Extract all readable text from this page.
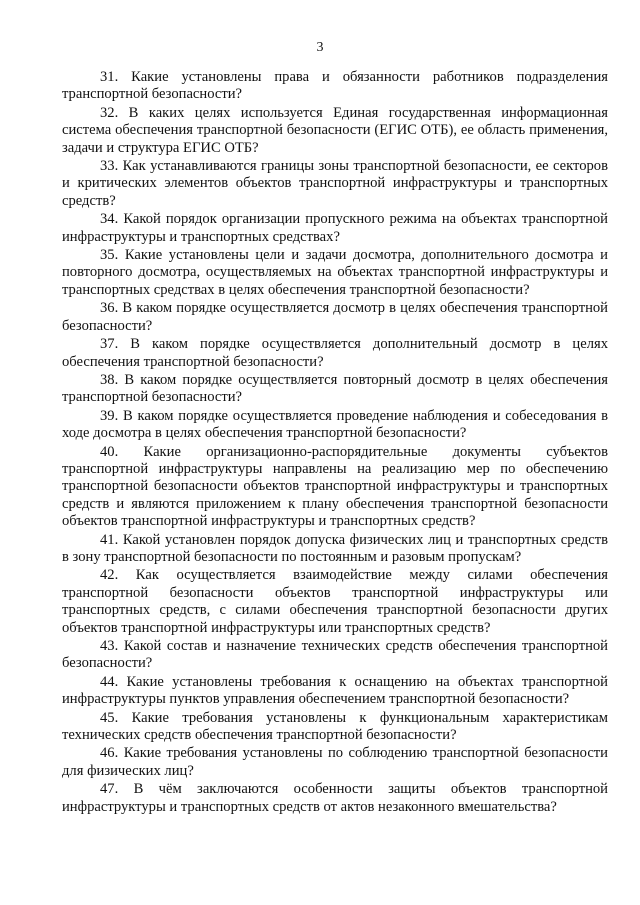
3

31. Какие установлены права и обязанности работников подразделения транспортной безопасности?

32. В каких целях используется Единая государственная информационная система обеспечения транспортной безопасности (ЕГИС ОТБ), ее область применения, задачи и структура ЕГИС ОТБ?

33. Как устанавливаются границы зоны транспортной безопасности, ее секторов и критических элементов объектов транспортной инфраструктуры и транспортных средств?

34. Какой порядок организации пропускного режима на объектах транспортной инфраструктуры и транспортных средствах?

35. Какие установлены цели и задачи досмотра, дополнительного досмотра и повторного досмотра, осуществляемых на объектах транспортной инфраструктуры и транспортных средствах в целях обеспечения транспортной безопасности?

36. В каком порядке осуществляется досмотр в целях обеспечения транспортной безопасности?

37. В каком порядке осуществляется дополнительный досмотр в целях обеспечения транспортной безопасности?

38. В каком порядке осуществляется повторный досмотр в целях обеспечения транспортной безопасности?

39. В каком порядке осуществляется проведение наблюдения и собеседования в ходе досмотра в целях обеспечения транспортной безопасности?

40. Какие организационно-распорядительные документы субъектов транспортной инфраструктуры направлены на реализацию мер по обеспечению транспортной безопасности объектов транспортной инфраструктуры и транспортных средств и являются приложением к плану обеспечения транспортной безопасности объектов транспортной инфраструктуры и транспортных средств?

41. Какой установлен порядок допуска физических лиц и транспортных средств в зону транспортной безопасности по постоянным и разовым пропускам?

42. Как осуществляется взаимодействие между силами обеспечения транспортной безопасности объектов транспортной инфраструктуры или транспортных средств, с силами обеспечения транспортной безопасности других объектов транспортной инфраструктуры или транспортных средств?

43. Какой состав и назначение технических средств обеспечения транспортной безопасности?

44. Какие установлены требования к оснащению на объектах транспортной инфраструктуры пунктов управления обеспечением транспортной безопасности?

45. Какие требования установлены к функциональным характеристикам технических средств обеспечения транспортной безопасности?

46. Какие требования установлены по соблюдению транспортной безопасности для физических лиц?

47. В чём заключаются особенности защиты объектов транспортной инфраструктуры и транспортных средств от актов незаконного вмешательства?
